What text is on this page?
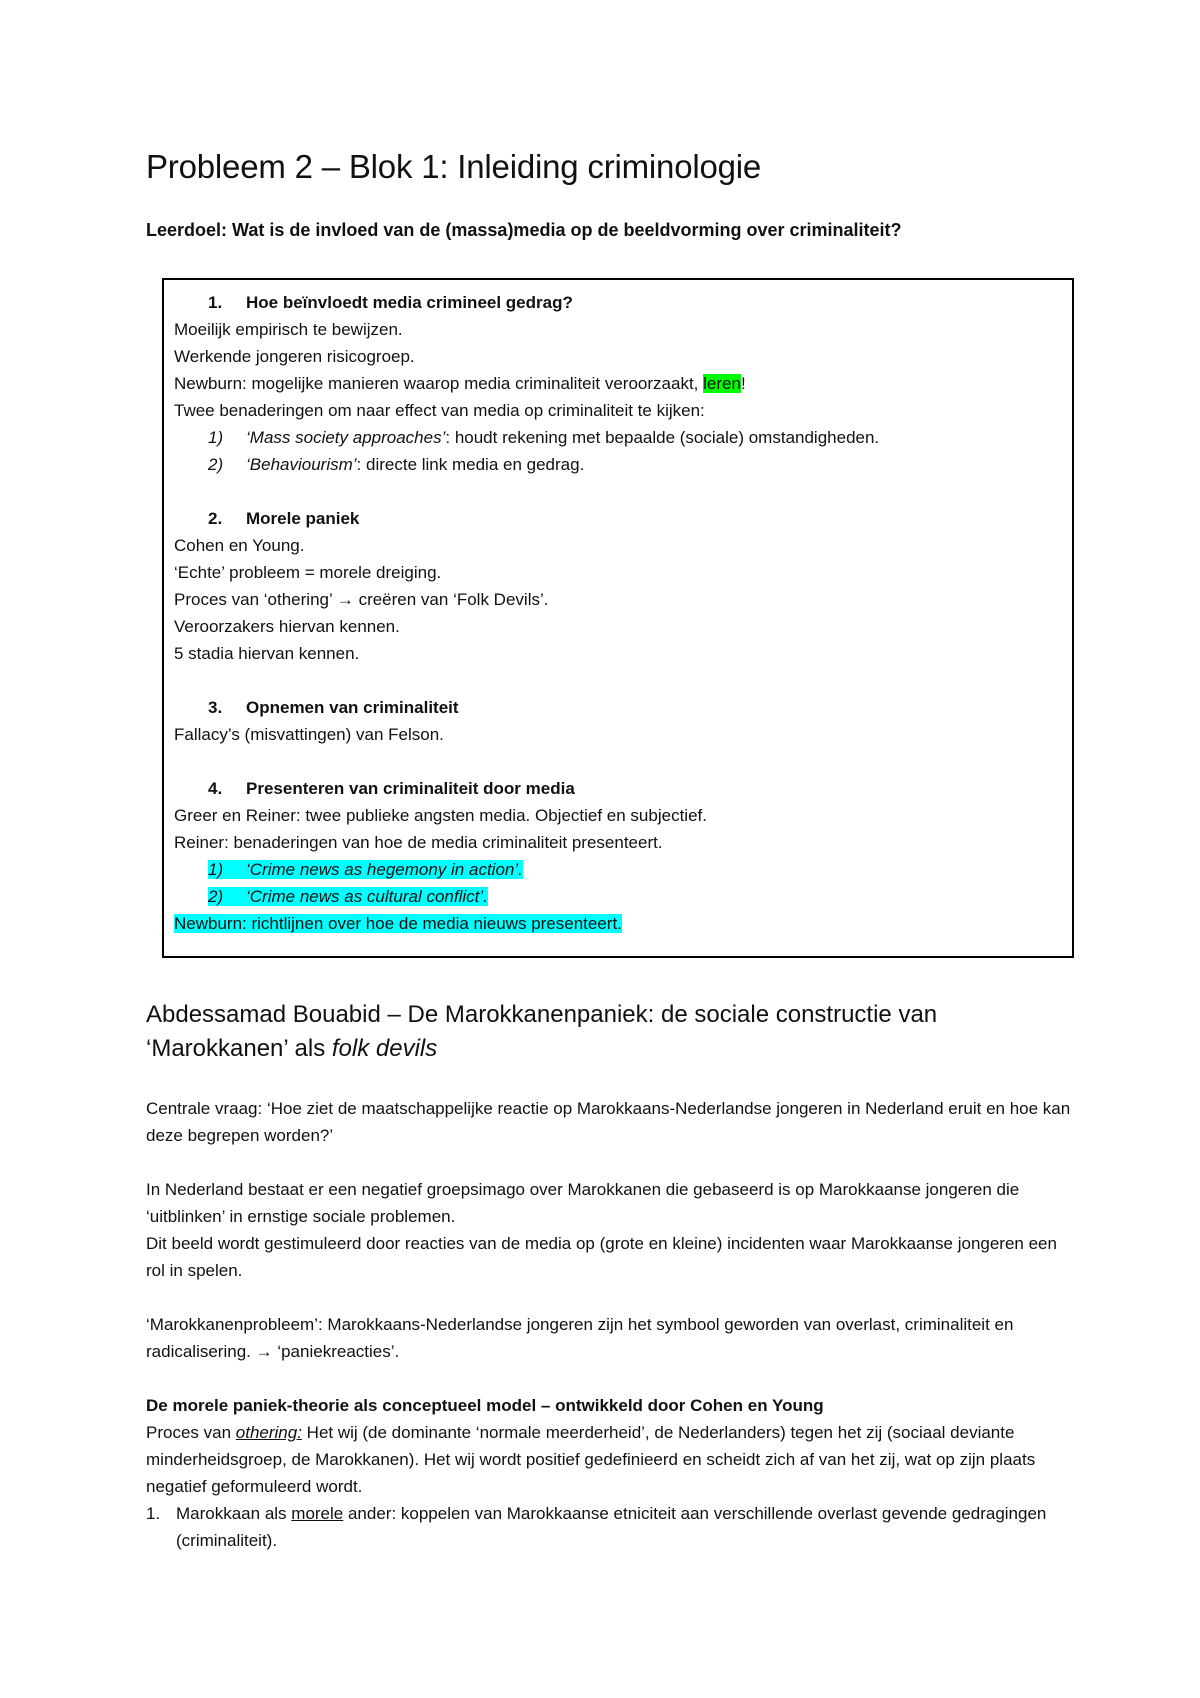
Probleem 2 – Blok 1: Inleiding criminologie

Leerdoel: Wat is de invloed van de (massa)media op de beeldvorming over criminaliteit?

1. Hoe beïnvloedt media crimineel gedrag?

Moeilijk empirisch te bewijzen.

Werkende jongeren risicogroep.

Newburn: mogelijke manieren waarop media criminaliteit veroorzaakt, leren!

Twee benaderingen om naar effect van media op criminaliteit te kijken:

1) ‘Mass society approaches’: houdt rekening met bepaalde (sociale) omstandigheden.

2) ‘Behaviourism’: directe link media en gedrag.

2. Morele paniek

Cohen en Young.

‘Echte’ probleem = morele dreiging.

Proces van ‘othering’ → creëren van ‘Folk Devils’.

Veroorzakers hiervan kennen.

5 stadia hiervan kennen.

3. Opnemen van criminaliteit

Fallacy’s (misvattingen) van Felson.

4. Presenteren van criminaliteit door media

Greer en Reiner: twee publieke angsten media. Objectief en subjectief.

Reiner: benaderingen van hoe de media criminaliteit presenteert.

1) ‘Crime news as hegemony in action’.

2) ‘Crime news as cultural conflict’.

Newburn: richtlijnen over hoe de media nieuws presenteert.

Abdessamad Bouabid – De Marokkanenpaniek: de sociale constructie van

‘Marokkanen’ als folk devils

Centrale vraag: ‘Hoe ziet de maatschappelijke reactie op Marokkaans-Nederlandse jongeren in Nederland eruit en hoe kan deze begrepen worden?’

In Nederland bestaat er een negatief groepsimago over Marokkanen die gebaseerd is op Marokkaanse jongeren die ‘uitblinken’ in ernstige sociale problemen.

Dit beeld wordt gestimuleerd door reacties van de media op (grote en kleine) incidenten waar Marokkaanse jongeren een rol in spelen.

‘Marokkanenprobleem’: Marokkaans-Nederlandse jongeren zijn het symbool geworden van overlast, criminaliteit en radicalisering. → ‘paniekreacties’.

De morele paniek-theorie als conceptueel model – ontwikkeld door Cohen en Young

Proces van othering: Het wij (de dominante ‘normale meerderheid’, de Nederlanders) tegen het zij (sociaal deviante minderheidsgroep, de Marokkanen). Het wij wordt positief gedefinieerd en scheidt zich af van het zij, wat op zijn plaats negatief geformuleerd wordt.

1. Marokkaan als morele ander: koppelen van Marokkaanse etniciteit aan verschillende overlast gevende gedragingen (criminaliteit).
